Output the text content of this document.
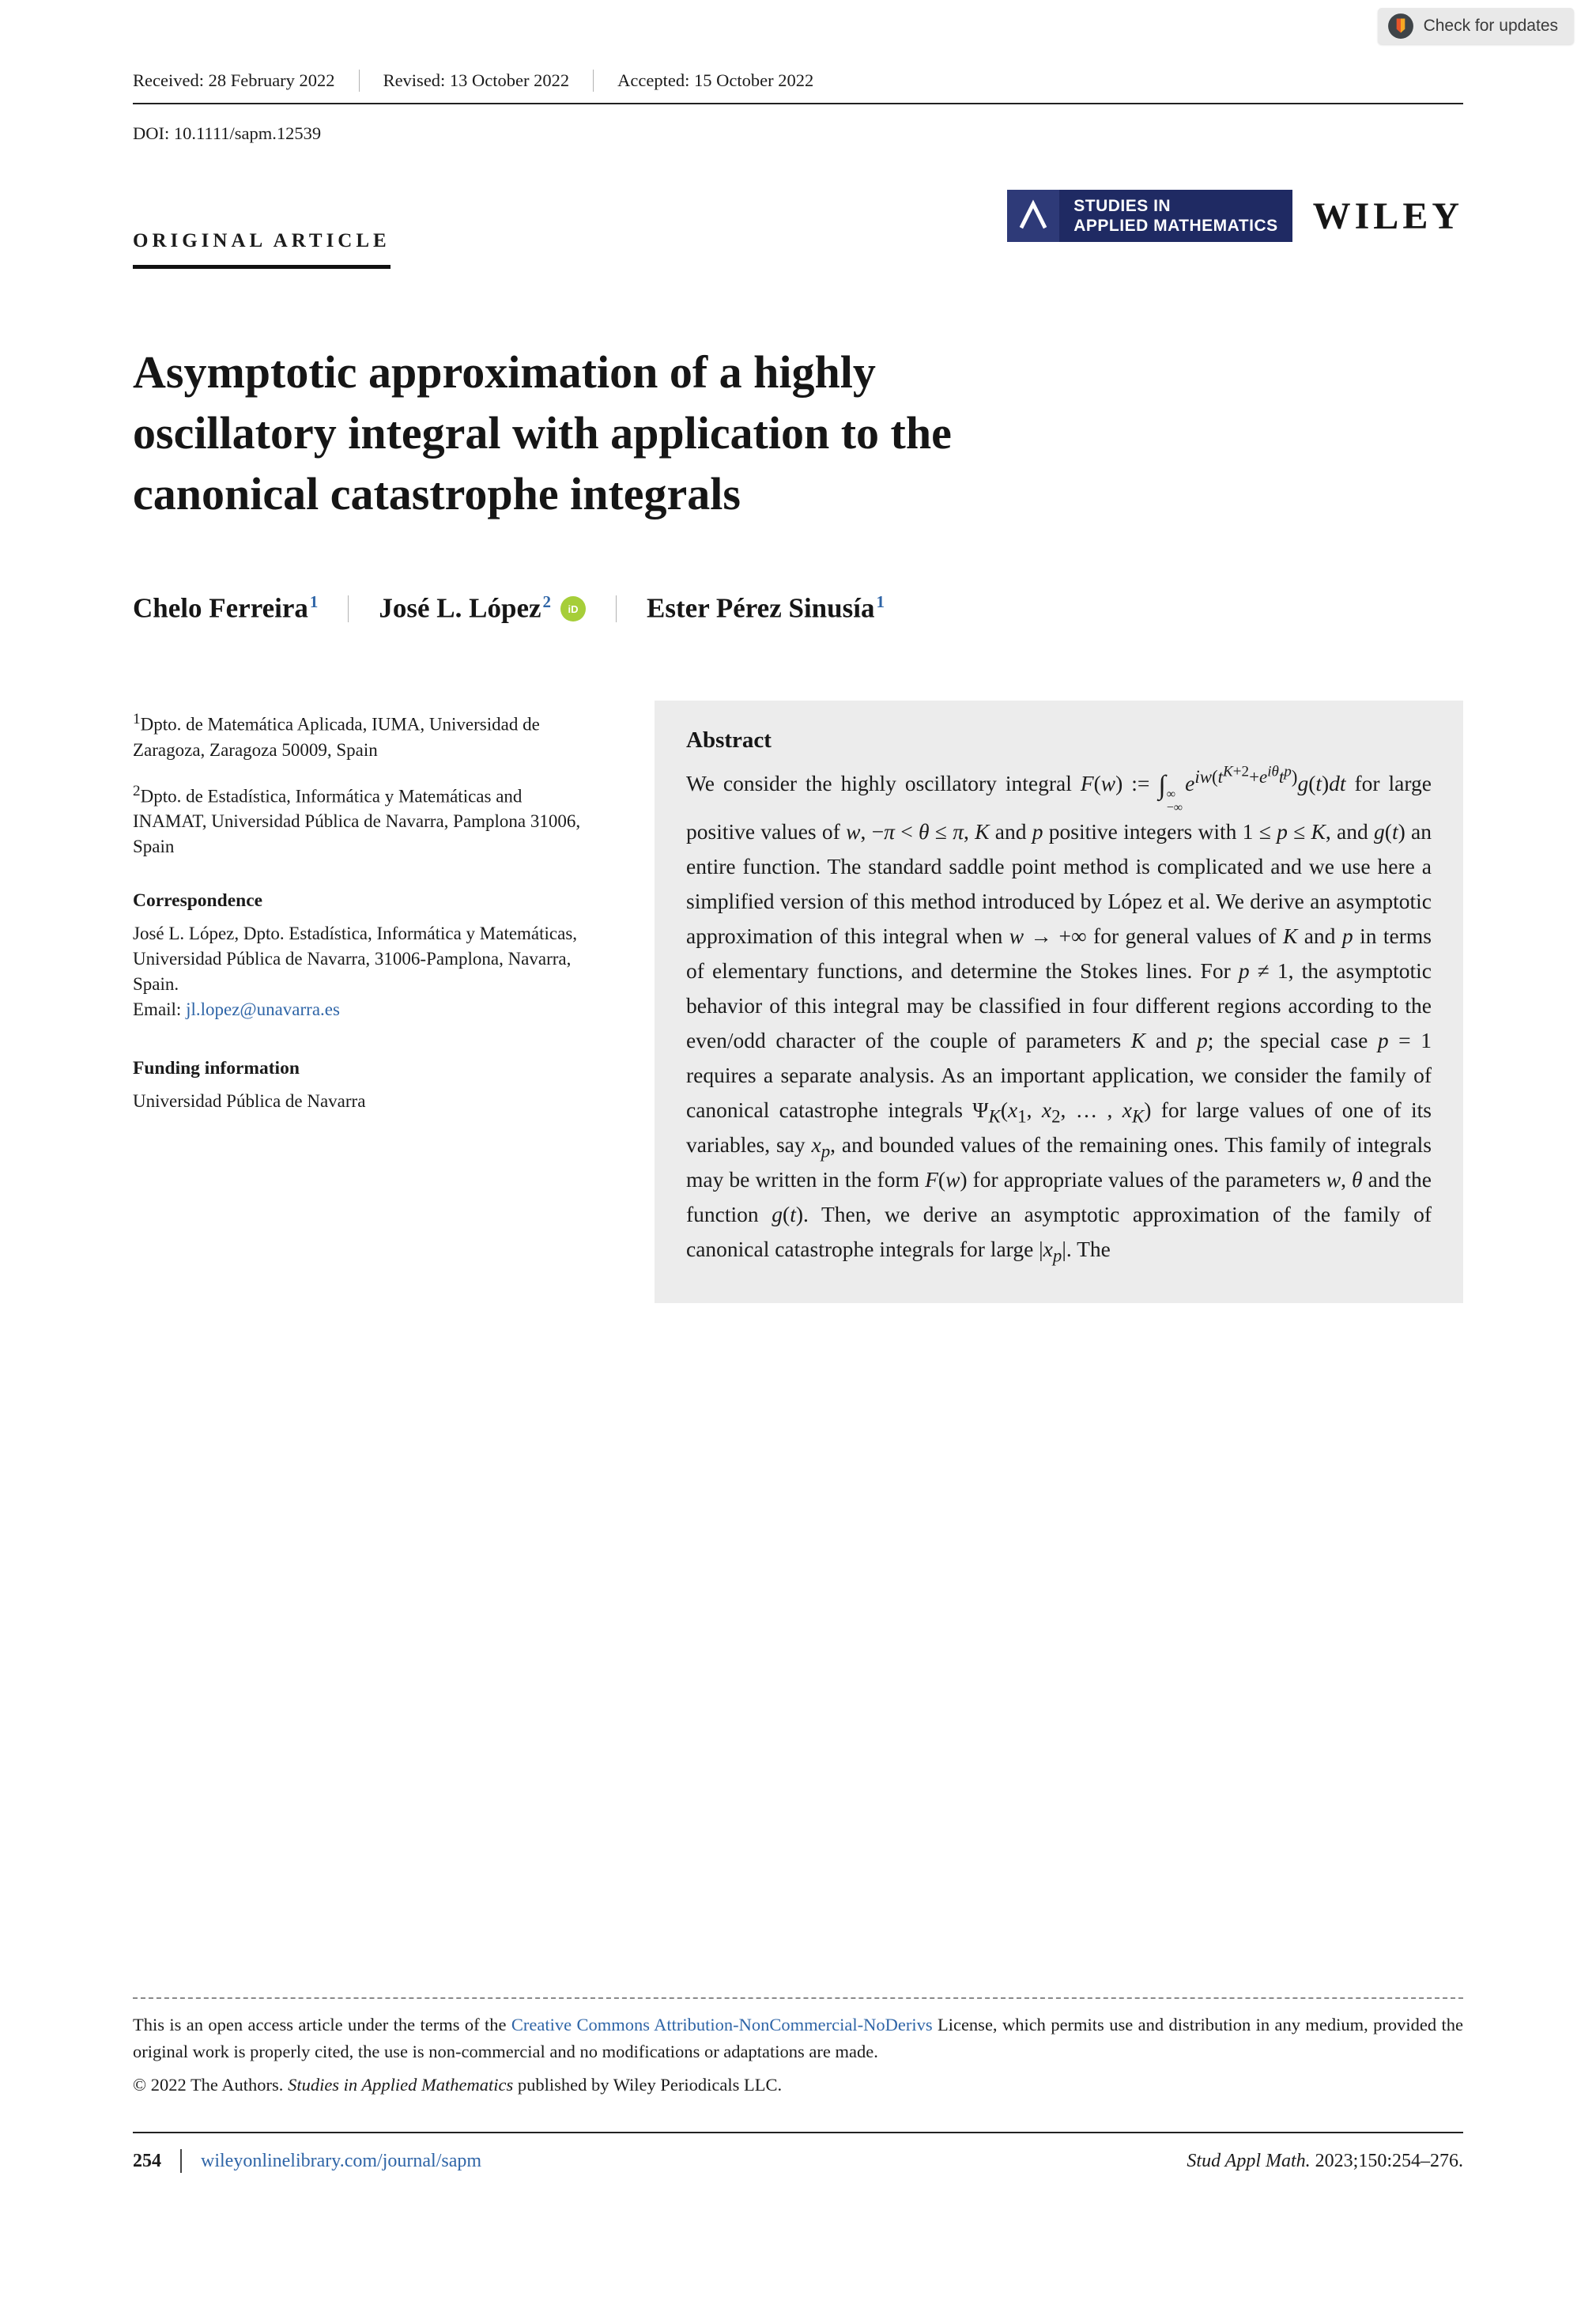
Check for updates
Received: 28 February 2022	Revised: 13 October 2022	Accepted: 15 October 2022
DOI: 10.1111/sapm.12539
ORIGINAL ARTICLE
STUDIES IN
APPLIED MATHEMATICS WILEY
Asymptotic approximation of a highly
oscillatory integral with application to the
canonical catastrophe integrals
Chelo Ferreira$^1$ José L. López$^2$ iD Ester Pérez Sinusía$^1$

$^1$Dpto. de Matemática Aplicada, IUMA, Universidad de Zaragoza, Zaragoza 50009, Spain

$^2$Dpto. de Estadística, Informática y Matemáticas and INAMAT, Universidad Pública de Navarra, Pamplona 31006, Spain

Correspondence

José L. López, Dpto. Estadística, Informática y Matemáticas, Universidad Pública de Navarra, 31006-Pamplona, Navarra, Spain.

Email: jl.lopez@unavarra.es

Funding information

Universidad Pública de Navarra

Abstract
We consider the highly oscillatory integral F(w) := ∫ ∞
−∞
$e^{iw(t^{K+2}+e^{i\theta}t^p)}g(t)dt$ for large positive values of w, −π < θ ≤ π, K and p positive integers with 1 ≤ p ≤ K, and g(t) an entire function. The standard saddle point method is complicated and we use here a simplified version of this method introduced by López et al. We derive an asymptotic approximation of this integral when w → +∞ for general values of K and p in terms of elementary functions, and determine the Stokes lines. For p ≠ 1, the asymptotic behavior of this integral may be classified in four different regions according to the even/odd character of the couple of parameters K and p; the special case p = 1 requires a separate analysis. As an important application, we consider the family of canonical catastrophe integrals $\Psi_K(x_1$, $x_2$, … , $x_K$) for large values of one of its variables, say $x_p$, and bounded values of the remaining ones. This family of integrals may be written in the form F(w) for appropriate values of the parameters w, θ and the function g(t). Then, we derive an asymptotic approximation of the family of canonical catastrophe integrals for large $|x_p|$. The

This is an open access article under the terms of the Creative Commons Attribution-NonCommercial-NoDerivs License, which permits use and distribution in any medium, provided the original work is properly cited, the use is non-commercial and no modifications or adaptations are made.

© 2022 The Authors. Studies in Applied Mathematics published by Wiley Periodicals LLC.

254 wileyonlinelibrary.com/journal/sapm	Stud Appl Math. 2023;150:254–276.
